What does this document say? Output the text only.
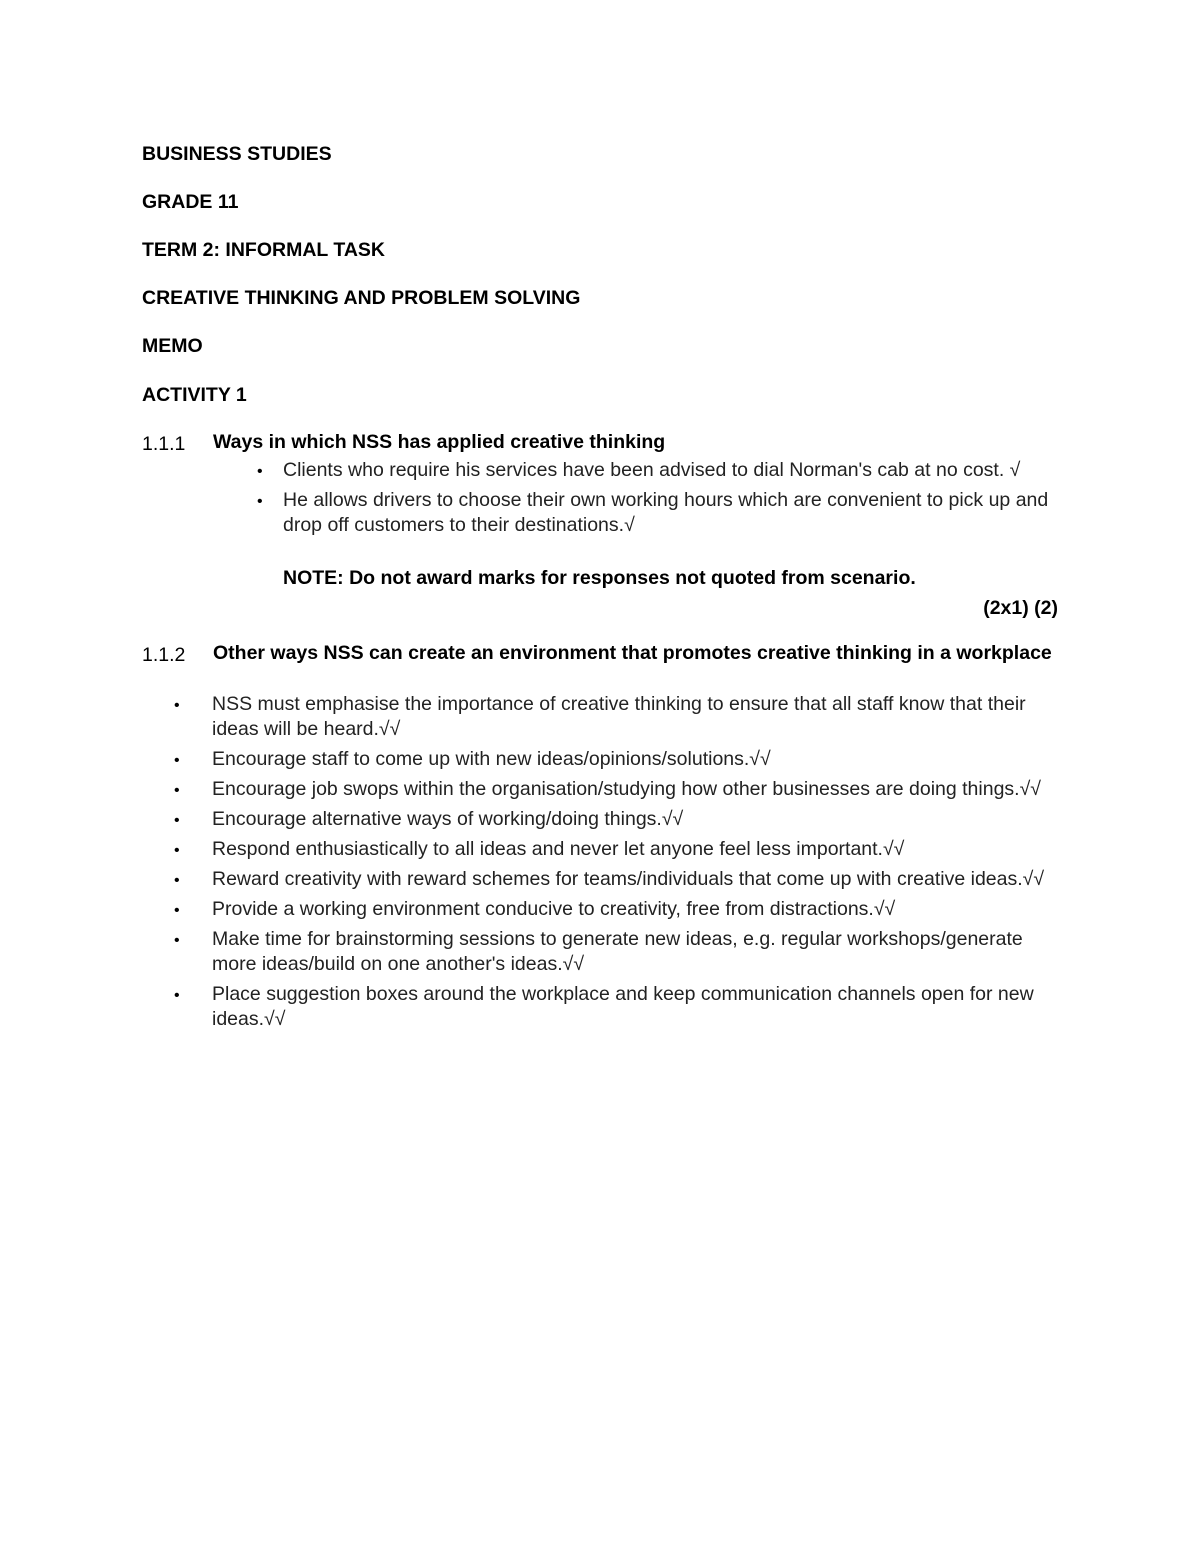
BUSINESS STUDIES
GRADE 11
TERM 2: INFORMAL TASK
CREATIVE THINKING AND PROBLEM SOLVING
MEMO
ACTIVITY 1
1.1.1 Ways in which NSS has applied creative thinking
• Clients who require his services have been advised to dial Norman's cab at no cost. √
• He allows drivers to choose their own working hours which are convenient to pick up and drop off customers to their destinations.√

NOTE: Do not award marks for responses not quoted from scenario.

(2x1) (2)
1.1.2 Other ways NSS can create an environment that promotes creative thinking in a workplace
• NSS must emphasise the importance of creative thinking to ensure that all staff know that their ideas will be heard.√√
• Encourage staff to come up with new ideas/opinions/solutions.√√
• Encourage job swops within the organisation/studying how other businesses are doing things.√√
• Encourage alternative ways of working/doing things.√√
• Respond enthusiastically to all ideas and never let anyone feel less important.√√
• Reward creativity with reward schemes for teams/individuals that come up with creative ideas.√√
• Provide a working environment conducive to creativity, free from distractions.√√
• Make time for brainstorming sessions to generate new ideas, e.g. regular workshops/generate more ideas/build on one another's ideas.√√
• Place suggestion boxes around the workplace and keep communication channels open for new ideas.√√
